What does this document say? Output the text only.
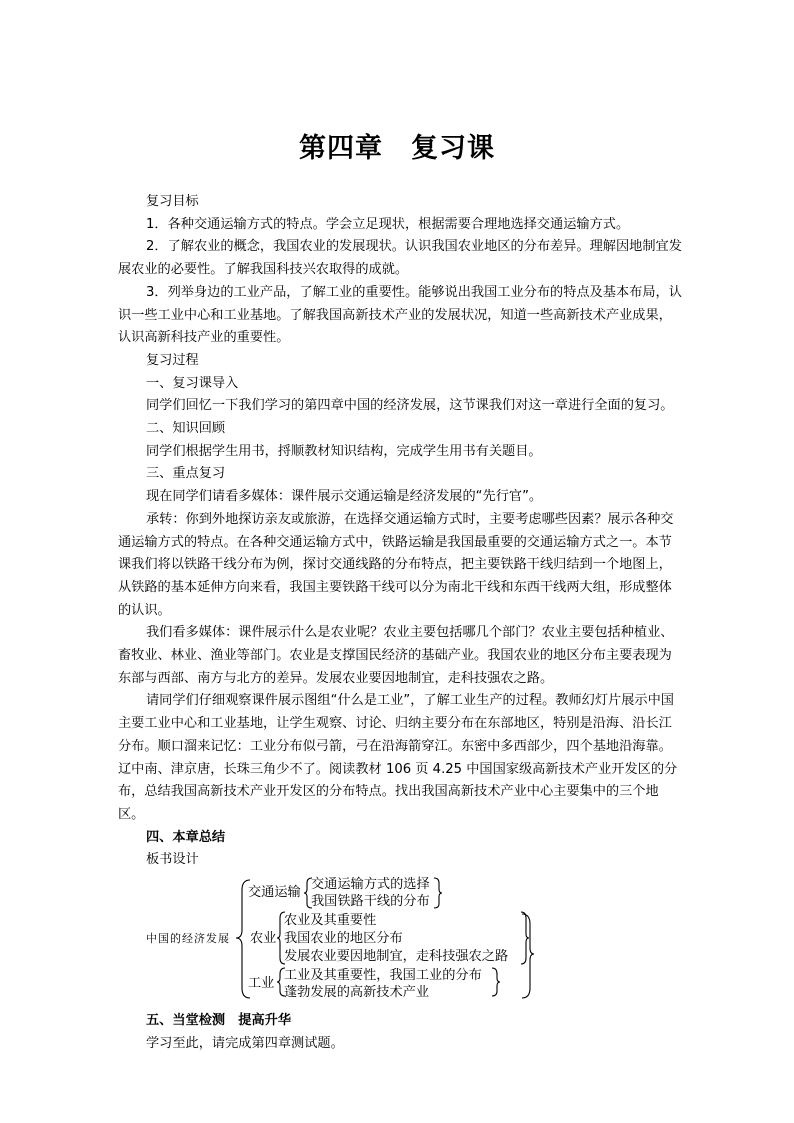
第四章　复习课

复习目标

1．各种交通运输方式的特点。学会立足现状，根据需要合理地选择交通运输方式。

2．了解农业的概念，我国农业的发展现状。认识我国农业地区的分布差异。理解因地制宜发展农业的必要性。了解我国科技兴农取得的成就。

3．列举身边的工业产品，了解工业的重要性。能够说出我国工业分布的特点及基本布局，认识一些工业中心和工业基地。了解我国高新技术产业的发展状况，知道一些高新技术产业成果，认识高新科技产业的重要性。

复习过程

一、复习课导入

同学们回忆一下我们学习的第四章中国的经济发展，这节课我们对这一章进行全面的复习。

二、知识回顾

同学们根据学生用书，捋顺教材知识结构，完成学生用书有关题目。

三、重点复习

现在同学们请看多媒体：课件展示交通运输是经济发展的“先行官”。

承转：你到外地探访亲友或旅游，在选择交通运输方式时，主要考虑哪些因素？展示各种交通运输方式的特点。在各种交通运输方式中，铁路运输是我国最重要的交通运输方式之一。本节课我们将以铁路干线分布为例，探讨交通线路的分布特点，把主要铁路干线归结到一个地图上，从铁路的基本延伸方向来看，我国主要铁路干线可以分为南北干线和东西干线两大组，形成整体的认识。

我们看多媒体：课件展示什么是农业呢？农业主要包括哪几个部门？农业主要包括种植业、畜牧业、林业、渔业等部门。农业是支撑国民经济的基础产业。我国农业的地区分布主要表现为东部与西部、南方与北方的差异。发展农业要因地制宜，走科技强农之路。

请同学们仔细观察课件展示图组“什么是工业”，了解工业生产的过程。教师幻灯片展示中国主要工业中心和工业基地，让学生观察、讨论、归纳主要分布在东部地区，特别是沿海、沿长江分布。顺口溜来记忆：工业分布似弓箭，弓在沿海箭穿江。东密中多西部少，四个基地沿海靠。辽中南、津京唐，长珠三角少不了。阅读教材 106 页 4.25 中国国家级高新技术产业开发区的分布，总结我国高新技术产业开发区的分布特点。找出我国高新技术产业中心主要集中的三个地区。

四、本章总结

板书设计

中国的经济发展
交通运输
交通运输方式的选择
我国铁路干线的分布
农业
农业及其重要性
我国农业的地区分布
发展农业要因地制宜，走科技强农之路
工业
工业及其重要性，我国工业的分布
蓬勃发展的高新技术产业

五、当堂检测　提高升华

学习至此，请完成第四章测试题。
